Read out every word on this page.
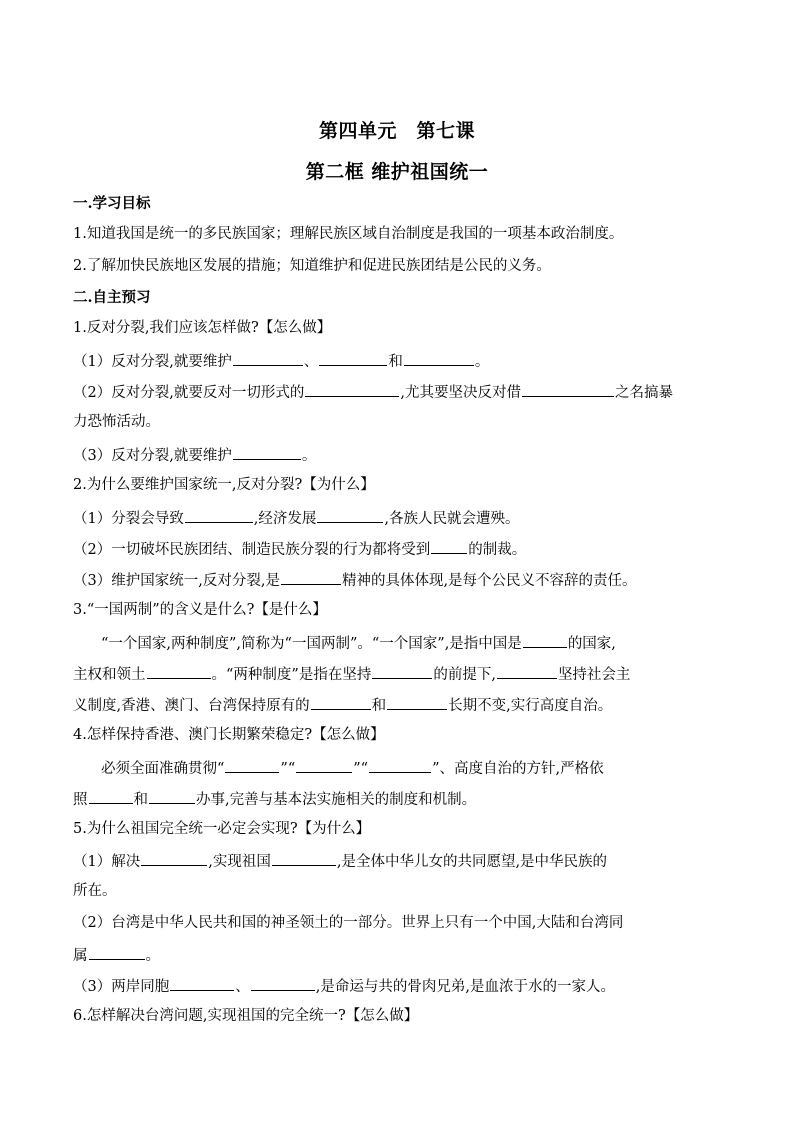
第四单元　第七课
第二框 维护祖国统一
一.学习目标
1.知道我国是统一的多民族国家；理解民族区域自治制度是我国的一项基本政治制度。
2.了解加快民族地区发展的措施；知道维护和促进民族团结是公民的义务。
二.自主预习
1.反对分裂,我们应该怎样做?【怎么做】
（1）反对分裂,就要维护	、	和	。
（2）反对分裂,就要反对一切形式的	,尤其要坚决反对借	之名搞暴
力恐怖活动。
（3）反对分裂,就要维护	。
2.为什么要维护国家统一,反对分裂?【为什么】
（1）分裂会导致	,经济发展	,各族人民就会遭殃。
（2）一切破坏民族团结、制造民族分裂的行为都将受到	的制裁。
（3）维护国家统一,反对分裂,是	精神的具体体现,是每个公民义不容辞的责任。
3.“一国两制”的含义是什么?【是什么】
“一个国家,两种制度”,简称为“一国两制”。“一个国家”,是指中国是	的国家,
主权和领土	。“两种制度”是指在坚持	的前提下,	坚持社会主
义制度,香港、澳门、台湾保持原有的	和	长期不变,实行高度自治。
4.怎样保持香港、澳门长期繁荣稳定?【怎么做】
必须全面准确贯彻“	”“	”“	”、高度自治的方针,严格依
照	和	办事,完善与基本法实施相关的制度和机制。
5.为什么祖国完全统一必定会实现?【为什么】
（1）解决	,实现祖国	,是全体中华儿女的共同愿望,是中华民族的
所在。
（2）台湾是中华人民共和国的神圣领土的一部分。世界上只有一个中国,大陆和台湾同
属	。
（3）两岸同胞	、	,是命运与共的骨肉兄弟,是血浓于水的一家人。
6.怎样解决台湾问题,实现祖国的完全统一?【怎么做】
